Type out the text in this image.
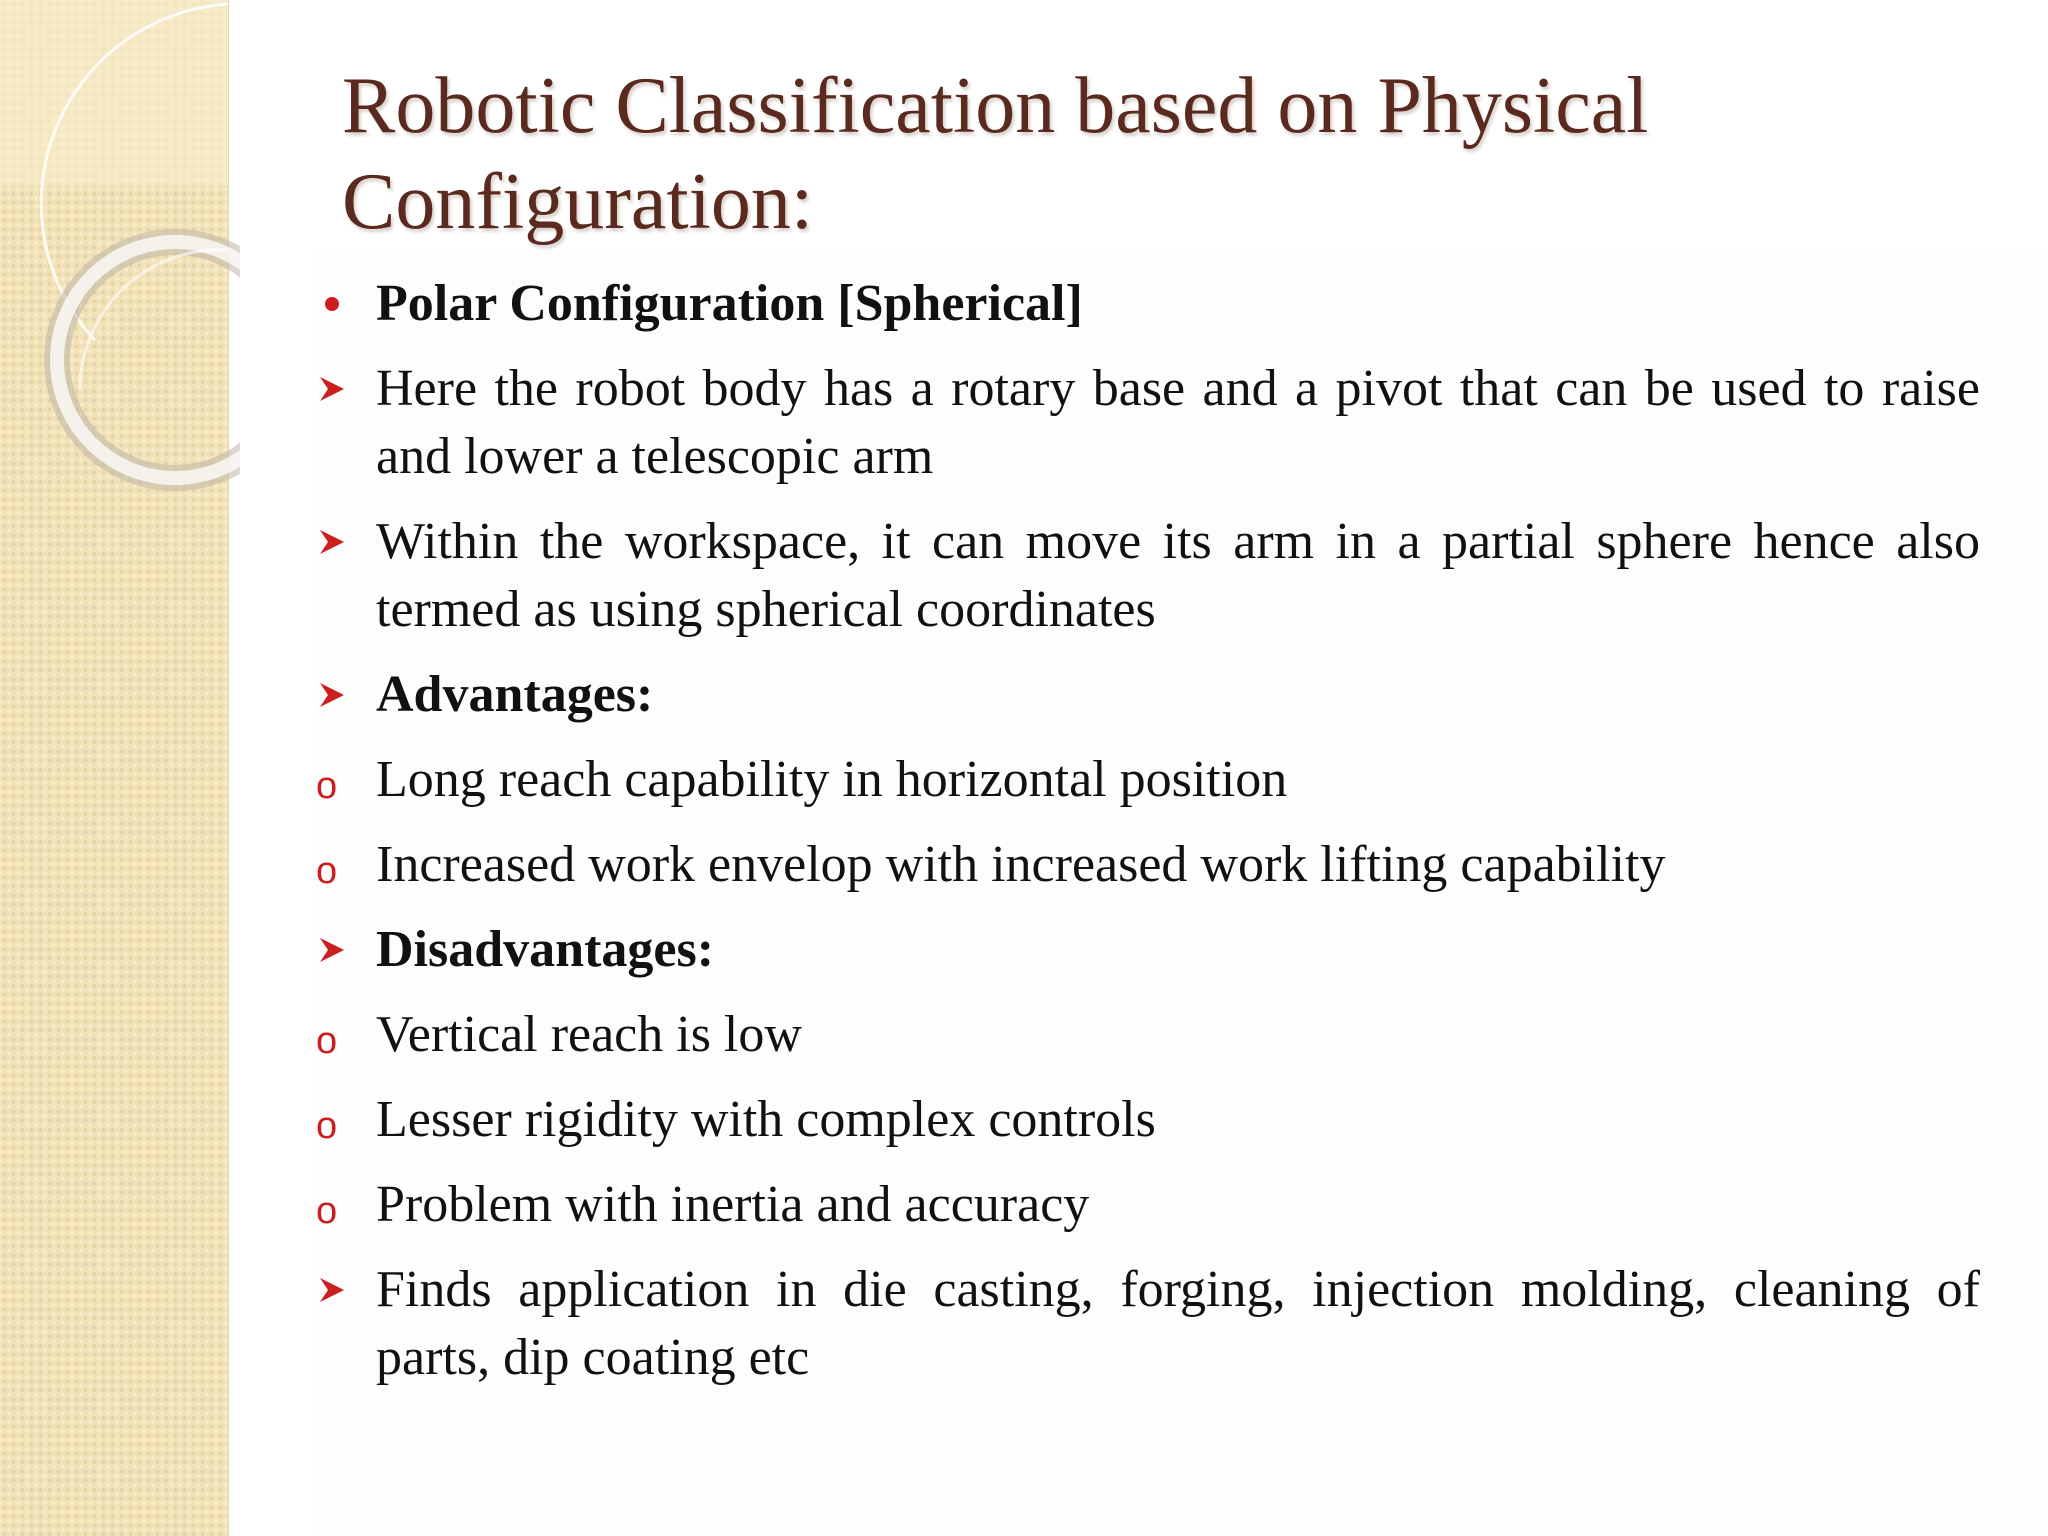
Robotic Classification based on Physical Configuration:
Polar Configuration [Spherical]
Here the robot body has a rotary base and a pivot that can be used to raise and lower a telescopic arm
Within the workspace, it can move its arm in a partial sphere hence also termed as using spherical coordinates
Advantages:
o Long reach capability in horizontal position
o Increased work envelop with increased work lifting capability
Disadvantages:
o Vertical reach is low
o Lesser rigidity with complex controls
o Problem with inertia and accuracy
Finds application in die casting, forging, injection molding, cleaning of parts, dip coating etc
